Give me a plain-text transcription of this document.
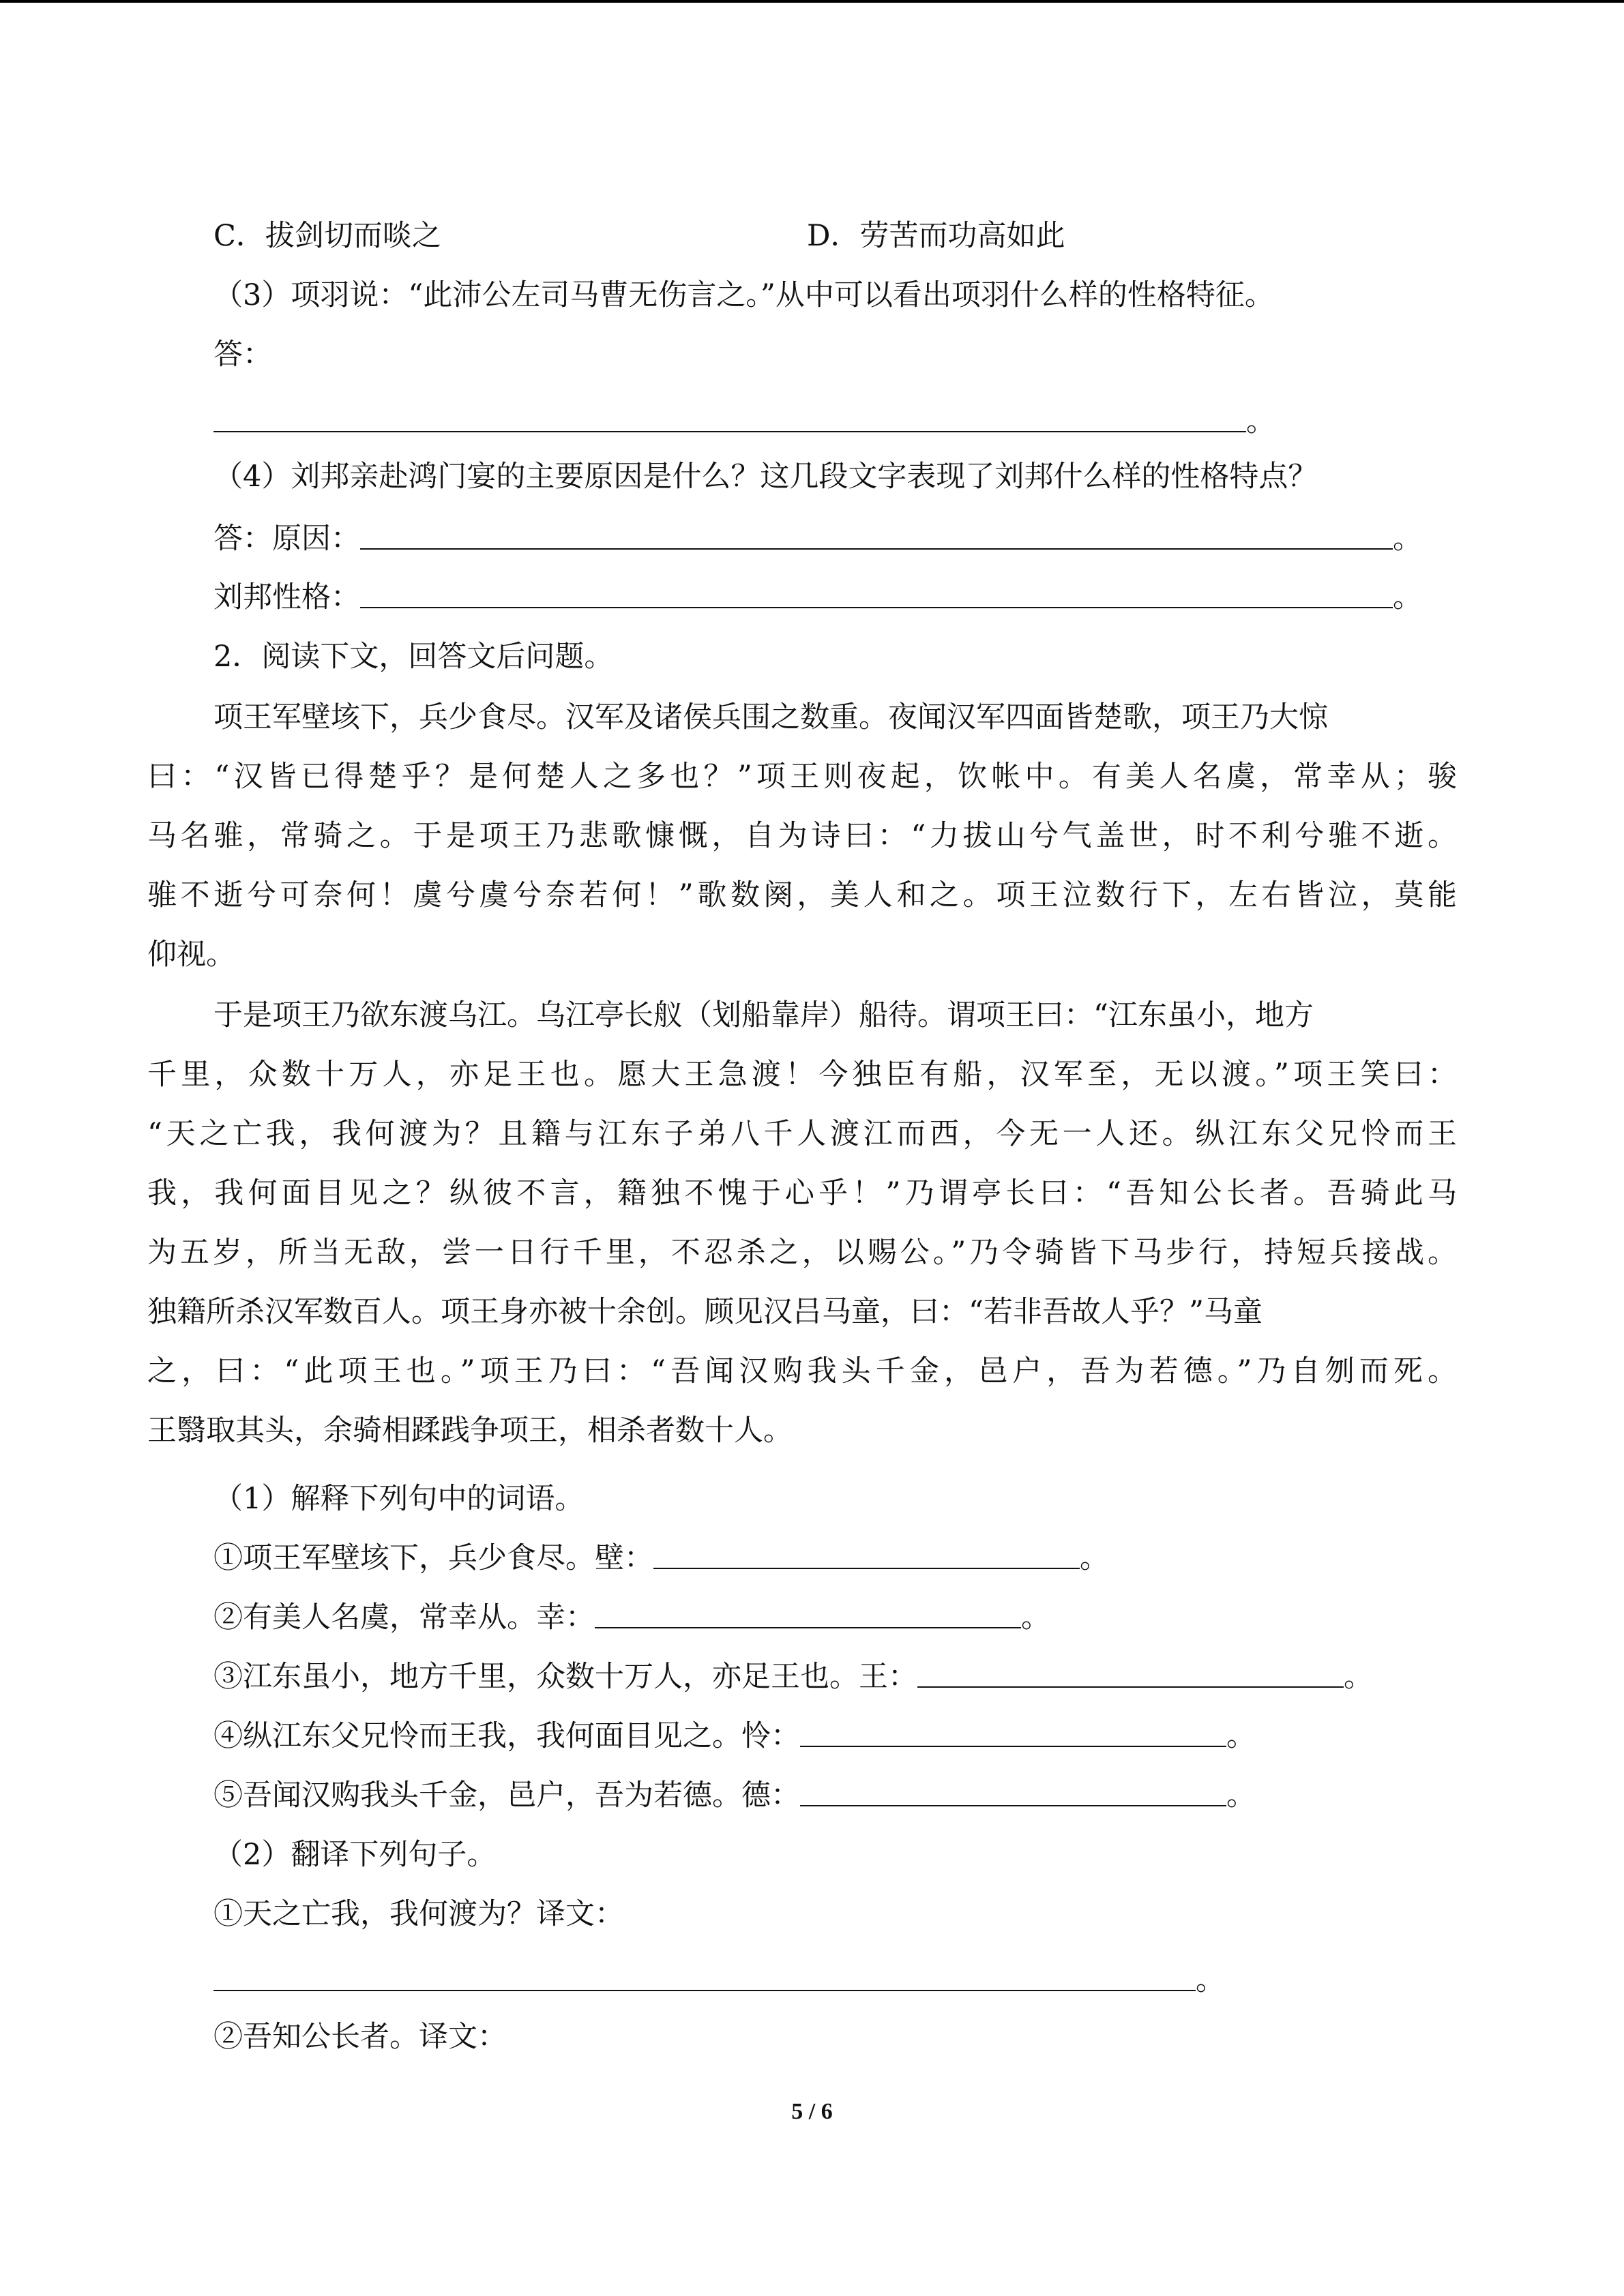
C．拔剑切而啖之	D．劳苦而功高如此
（3）项羽说：“此沛公左司马曹无伤言之。”从中可以看出项羽什么样的性格特征。
答：
。
（4）刘邦亲赴鸿门宴的主要原因是什么？这几段文字表现了刘邦什么样的性格特点？
答：原因：	。
刘邦性格：	。
2．阅读下文，回答文后问题。
项王军壁垓下，兵少食尽。汉军及诸侯兵围之数重。夜闻汉军四面皆楚歌，项王乃大惊
曰：“汉皆已得楚乎？是何楚人之多也？”项王则夜起，饮帐中。有美人名虞，常幸从；骏
马名骓，常骑之。于是项王乃悲歌慷慨，自为诗曰：“力拔山兮气盖世，时不利兮骓不逝。
骓不逝兮可奈何！虞兮虞兮奈若何！”歌数阕，美人和之。项王泣数行下，左右皆泣，莫能
仰视。
于是项王乃欲东渡乌江。乌江亭长舣（划船靠岸）船待。谓项王曰：“江东虽小，地方
千里，众数十万人，亦足王也。愿大王急渡！今独臣有船，汉军至，无以渡。”项王笑曰：
“天之亡我，我何渡为？且籍与江东子弟八千人渡江而西，今无一人还。纵江东父兄怜而王
我，我何面目见之？纵彼不言，籍独不愧于心乎！”乃谓亭长曰：“吾知公长者。吾骑此马
为五岁，所当无敌，尝一日行千里，不忍杀之，以赐公。”乃令骑皆下马步行，持短兵接战。
独籍所杀汉军数百人。项王身亦被十余创。顾见汉吕马童，曰：“若非吾故人乎？”马童
之，曰：“此项王也。”项王乃曰：“吾闻汉购我头千金，邑户，吾为若德。”乃自刎而死。
王翳取其头，余骑相蹂践争项王，相杀者数十人。
（1）解释下列句中的词语。
①项王军壁垓下，兵少食尽。壁：	。
②有美人名虞，常幸从。幸：	。
③江东虽小，地方千里，众数十万人，亦足王也。王：	。
④纵江东父兄怜而王我，我何面目见之。怜：	。
⑤吾闻汉购我头千金，邑户，吾为若德。德：	。
（2）翻译下列句子。
①天之亡我，我何渡为？译文：
。
②吾知公长者。译文：
5 / 6
